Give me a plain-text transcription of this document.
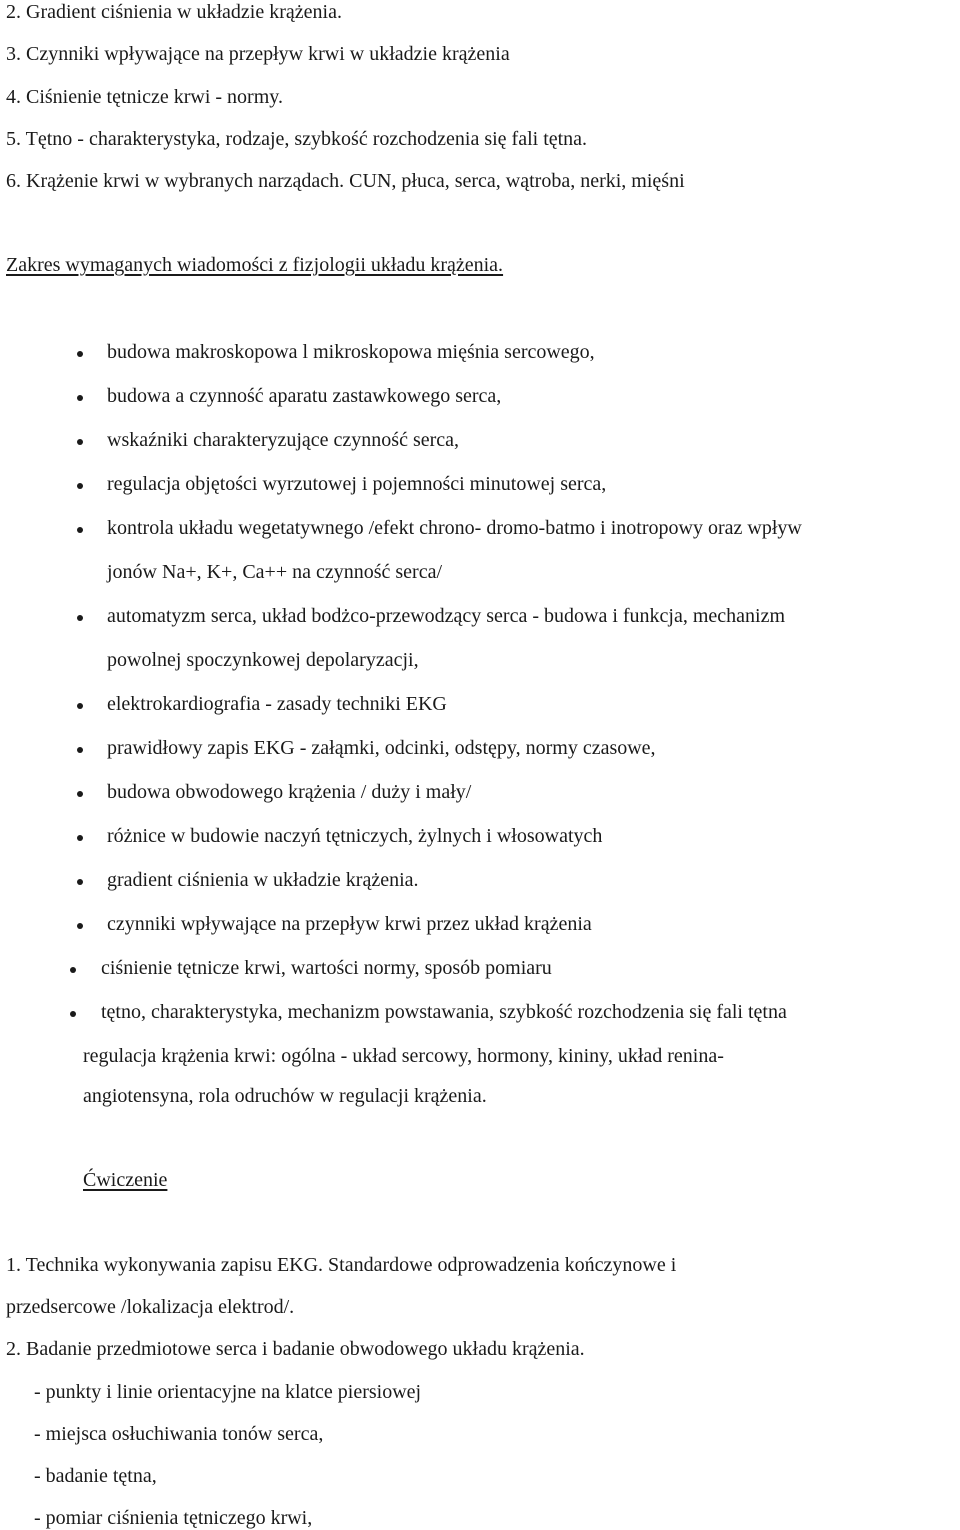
2. Gradient ciśnienia w układzie krążenia.
3. Czynniki wpływające na przepływ krwi w układzie krążenia
4. Ciśnienie tętnicze krwi - normy.
5. Tętno - charakterystyka, rodzaje, szybkość rozchodzenia się fali tętna.
6. Krążenie krwi w wybranych narządach. CUN, płuca, serca, wątroba, nerki, mięśni
Zakres wymaganych wiadomości z fizjologii układu krążenia.
budowa makroskopowa l mikroskopowa mięśnia sercowego,
budowa a czynność aparatu zastawkowego serca,
wskaźniki charakteryzujące czynność serca,
regulacja objętości wyrzutowej i pojemności minutowej serca,
kontrola układu wegetatywnego /efekt chrono- dromo-batmo i inotropowy oraz wpływ
jonów Na+, K+, Ca++ na czynność serca/
automatyzm serca, układ bodżco-przewodzący serca - budowa i funkcja, mechanizm
powolnej spoczynkowej depolaryzacji,
elektrokardiografia - zasady techniki EKG
prawidłowy zapis EKG - załąmki, odcinki, odstępy, normy czasowe,
budowa obwodowego krążenia / duży i mały/
różnice w budowie naczyń tętniczych, żylnych i włosowatych
gradient ciśnienia w układzie krążenia.
czynniki wpływające na przepływ krwi przez układ krążenia
ciśnienie tętnicze krwi, wartości normy, sposób pomiaru
tętno, charakterystyka, mechanizm powstawania, szybkość rozchodzenia się fali tętna
regulacja krążenia krwi: ogólna - układ sercowy, hormony, kininy, układ renina-
angiotensyna, rola odruchów w regulacji krążenia.
Ćwiczenie
1. Technika wykonywania zapisu EKG. Standardowe odprowadzenia kończynowe i
przedsercowe /lokalizacja elektrod/.
2. Badanie przedmiotowe serca i badanie obwodowego układu krążenia.
- punkty i linie orientacyjne na klatce piersiowej
- miejsca osłuchiwania tonów serca,
- badanie tętna,
- pomiar ciśnienia tętniczego krwi,
